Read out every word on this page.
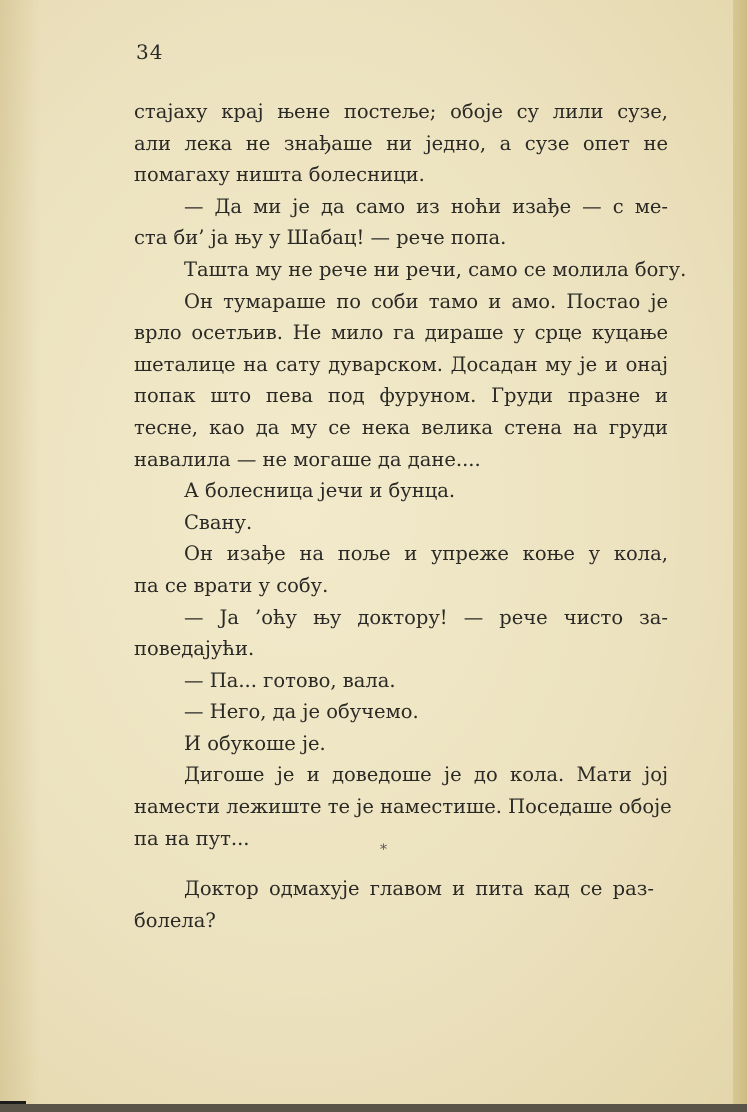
34
стајаху крај њене постеље; обоје су лили сузе,
али лека не знађаше ни једно, а сузе опет не
помагаху ништа болесници.
— Да ми је да само из ноћи изађе — с ме-
ста би’ ја њу у Шабац! — рече попа.
Ташта му не рече ни речи, само се молила богу.
Он тумараше по соби тамо и амо. Постао је
врло осетљив. Не мило га дираше у срце куцање
шеталице на сату дуварском. Досадан му је и онај
попак што пева под фуруном. Груди празне и
тесне, као да му се нека велика стена на груди
навалила — не могаше да дане....
А болесница јечи и бунца.
Свану.
Он изађе на поље и упреже коње у кола,
па се врати у собу.
— Ја ’оћу њу доктору! — рече чисто за-
поведајући.
— Па... готово, вала.
— Него, да је обучемо.
И обукоше је.
Дигоше је и доведоше је до кола. Мати јој
намести лежиште те је наместише. Поседаше обоје
па на пут...
*
Доктор одмахује главом и пита кад се раз-
болела?
